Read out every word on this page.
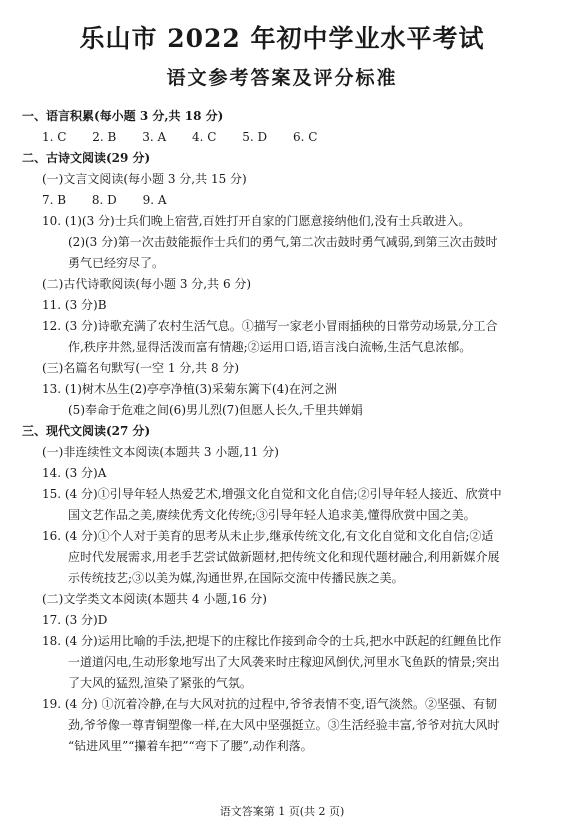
乐山市 2022 年初中学业水平考试
语文参考答案及评分标准
一、语言积累(每小题 3 分,共 18 分)
1. C 2. B 3. A 4. C 5. D 6. C
二、古诗文阅读(29 分)
(一)文言文阅读(每小题 3 分,共 15 分)
7. B 8. D 9. A
10. (1)(3 分)士兵们晚上宿营,百姓打开自家的门愿意接纳他们,没有士兵敢进入。
(2)(3 分)第一次击鼓能振作士兵们的勇气,第二次击鼓时勇气减弱,到第三次击鼓时
勇气已经穷尽了。
(二)古代诗歌阅读(每小题 3 分,共 6 分)
11. (3 分)B
12. (3 分)诗歌充满了农村生活气息。①描写一家老小冒雨插秧的日常劳动场景,分工合
作,秩序井然,显得活泼而富有情趣;②运用口语,语言浅白流畅,生活气息浓郁。
(三)名篇名句默写(一空 1 分,共 8 分)
13. (1)树木丛生(2)亭亭净植(3)采菊东篱下(4)在河之洲
(5)奉命于危难之间(6)男儿烈(7)但愿人长久,千里共婵娟
三、现代文阅读(27 分)
(一)非连续性文本阅读(本题共 3 小题,11 分)
14. (3 分)A
15. (4 分)①引导年轻人热爱艺术,增强文化自觉和文化自信;②引导年轻人接近、欣赏中
国文艺作品之美,赓续优秀文化传统;③引导年轻人追求美,懂得欣赏中国之美。
16. (4 分)①个人对于美育的思考从未止步,继承传统文化,有文化自觉和文化自信;②适
应时代发展需求,用老手艺尝试做新题材,把传统文化和现代题材融合,利用新媒介展
示传统技艺;③以美为媒,沟通世界,在国际交流中传播民族之美。
(二)文学类文本阅读(本题共 4 小题,16 分)
17. (3 分)D
18. (4 分)运用比喻的手法,把堤下的庄稼比作接到命令的士兵,把水中跃起的红鲤鱼比作
一道道闪电,生动形象地写出了大风袭来时庄稼迎风倒伏,河里水飞鱼跃的情景;突出
了大风的猛烈,渲染了紧张的气氛。
19. (4 分) ①沉着冷静,在与大风对抗的过程中,爷爷表情不变,语气淡然。②坚强、有韧
劲,爷爷像一尊青铜塑像一样,在大风中坚强挺立。③生活经验丰富,爷爷对抗大风时
“钻进风里”“攥着车把”“弯下了腰”,动作利落。
语文答案第 1 页(共 2 页)
